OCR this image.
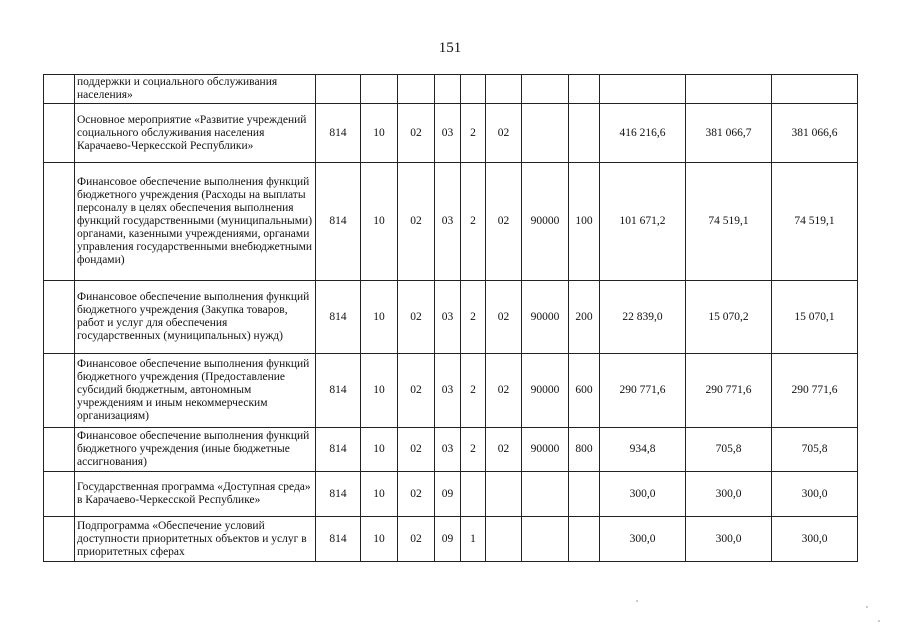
151
	поддержки и социального обслуживания населения»											
	Основное мероприятие «Развитие учреждений социального обслуживания населения Карачаево-Черкесской Республики»	814	10	02	03	2	02			416 216,6	381 066,7	381 066,6
	Финансовое обеспечение выполнения функций бюджетного учреждения (Расходы на выплаты персоналу в целях обеспечения выполнения функций государственными (муниципальными) органами, казенными учреждениями, органами управления государственными внебюджетными фондами)	814	10	02	03	2	02	90000	100	101 671,2	74 519,1	74 519,1
	Финансовое обеспечение выполнения функций бюджетного учреждения (Закупка товаров, работ и услуг для обеспечения государственных (муниципальных) нужд)	814	10	02	03	2	02	90000	200	22 839,0	15 070,2	15 070,1
	Финансовое обеспечение выполнения функций бюджетного учреждения (Предоставление субсидий бюджетным, автономным учреждениям и иным некоммерческим организациям)	814	10	02	03	2	02	90000	600	290 771,6	290 771,6	290 771,6
	Финансовое обеспечение выполнения функций бюджетного учреждения (иные бюджетные ассигнования)	814	10	02	03	2	02	90000	800	934,8	705,8	705,8
	Государственная программа «Доступная среда» в Карачаево-Черкесской Республике»	814	10	02	09					300,0	300,0	300,0
	Подпрограмма «Обеспечение условий доступности приоритетных объектов и услуг в приоритетных сферах	814	10	02	09	1				300,0	300,0	300,0
